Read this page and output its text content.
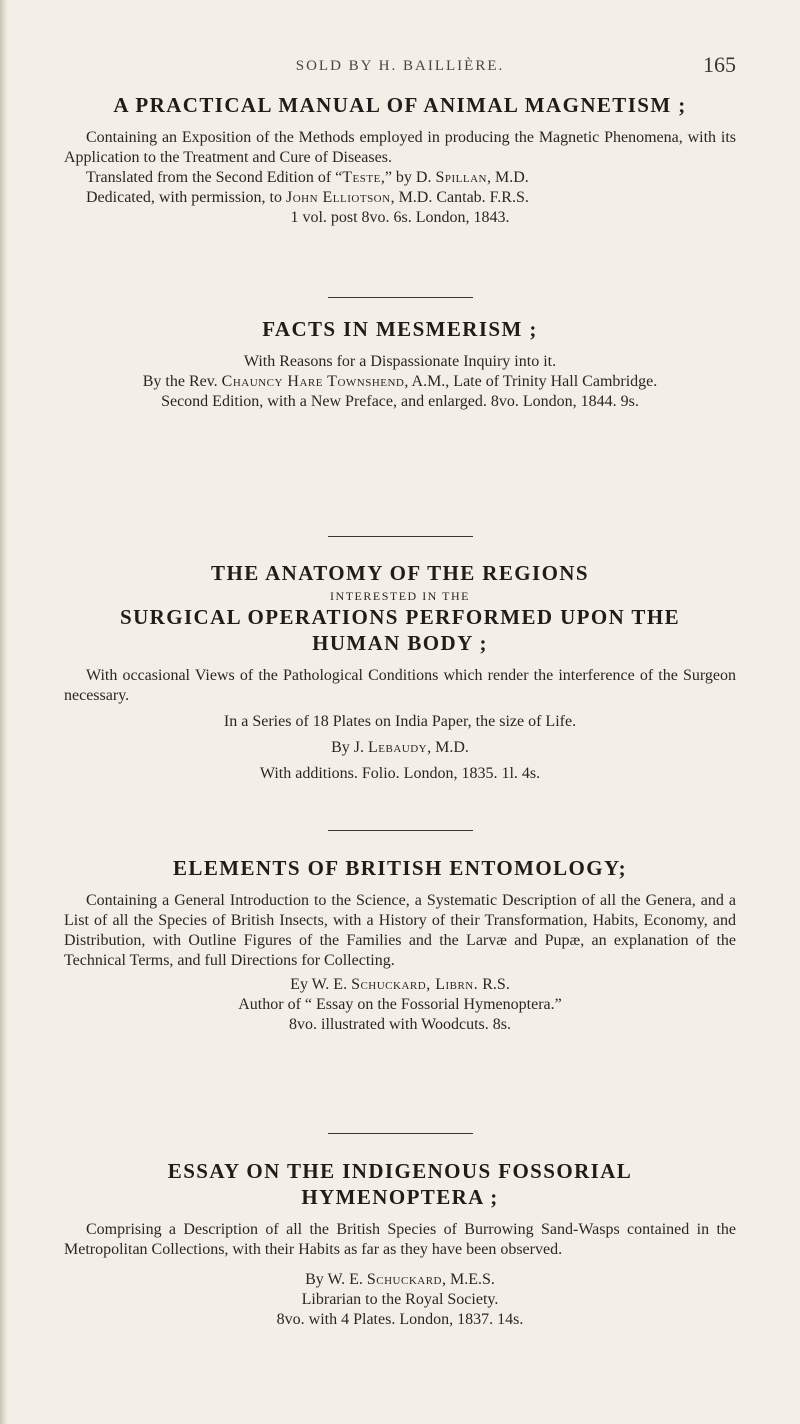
SOLD BY H. BAILLIÈRE.	165
A PRACTICAL MANUAL OF ANIMAL MAGNETISM ;

Containing an Exposition of the Methods employed in producing the Magnetic Phenomena, with its Application to the Treatment and Cure of Diseases.

Translated from the Second Edition of “Teste,” by D. Spillan, M.D.

Dedicated, with permission, to John Elliotson, M.D. Cantab. F.R.S.

1 vol. post 8vo. 6s. London, 1843.

FACTS IN MESMERISM ;

With Reasons for a Dispassionate Inquiry into it.

By the Rev. Chauncy Hare Townshend, A.M., Late of Trinity Hall Cambridge.

Second Edition, with a New Preface, and enlarged. 8vo. London, 1844. 9s.

THE ANATOMY OF THE REGIONS

INTERESTED IN THE

SURGICAL OPERATIONS PERFORMED UPON THE
HUMAN BODY ;

With occasional Views of the Pathological Conditions which render the interference of the Surgeon necessary.

In a Series of 18 Plates on India Paper, the size of Life.

By J. Lebaudy, M.D.

With additions. Folio. London, 1835. 1l. 4s.

ELEMENTS OF BRITISH ENTOMOLOGY;

Containing a General Introduction to the Science, a Systematic Description of all the Genera, and a List of all the Species of British Insects, with a History of their Transformation, Habits, Economy, and Distribution, with Outline Figures of the Families and the Larvæ and Pupæ, an explanation of the Technical Terms, and full Directions for Collecting.

Ey W. E. Schuckard, Librn. R.S.

Author of “ Essay on the Fossorial Hymenoptera.”

8vo. illustrated with Woodcuts. 8s.

ESSAY ON THE INDIGENOUS FOSSORIAL
HYMENOPTERA ;

Comprising a Description of all the British Species of Burrowing Sand-Wasps contained in the Metropolitan Collections, with their Habits as far as they have been observed.

By W. E. Schuckard, M.E.S.

Librarian to the Royal Society.

8vo. with 4 Plates. London, 1837. 14s.
